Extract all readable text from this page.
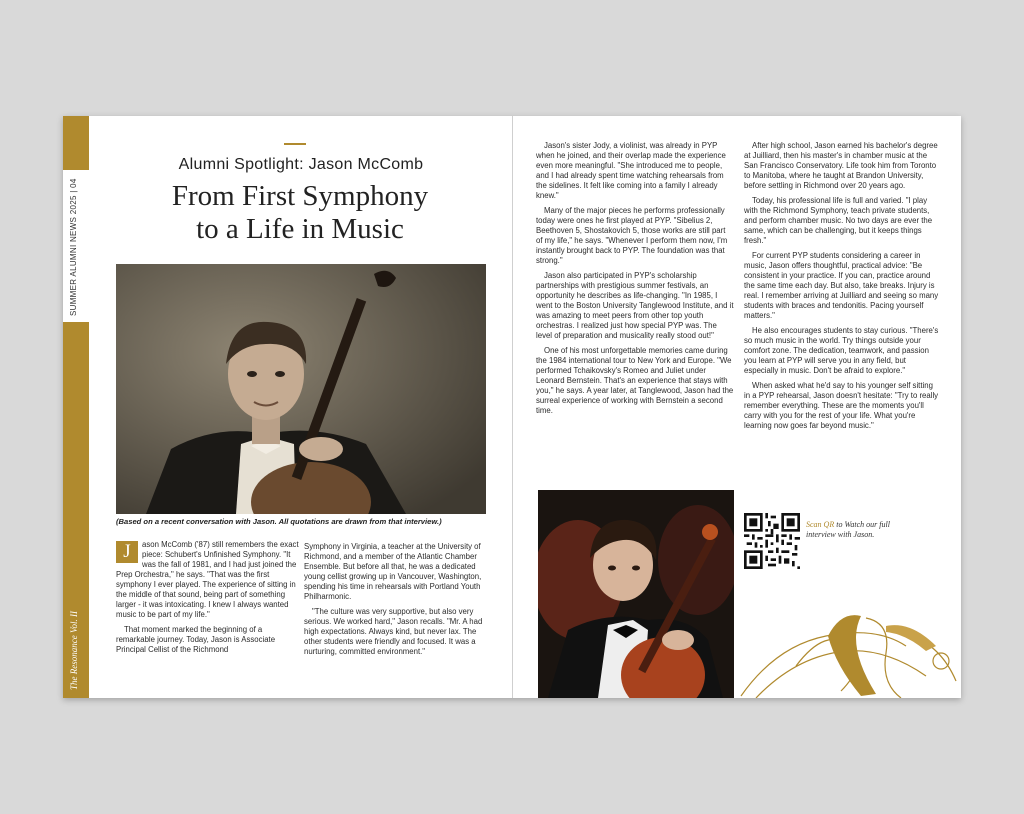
SUMMER ALUMNI NEWS 2025 | 04
The Resonance Vol. II
Alumni Spotlight: Jason McComb
From First Symphony
to a Life in Music
(Based on a recent conversation with Jason. All quotations are drawn from that interview.)

J	ason McComb ('87) still remembers the exact piece: Schubert's Unfinished Symphony. "It was the fall of 1981, and I had just joined the Prep Orchestra," he says. "That was the first symphony I ever played. The experience of sitting in the middle of that sound, being part of something larger - it was intoxicating. I knew I always wanted music to be part of my life."

That moment marked the beginning of a remarkable journey. Today, Jason is Associate Principal Cellist of the Richmond

Symphony in Virginia, a teacher at the University of Richmond, and a member of the Atlantic Chamber Ensemble. But before all that, he was a dedicated young cellist growing up in Vancouver, Washington, spending his time in rehearsals with Portland Youth Philharmonic.

"The culture was very supportive, but also very serious. We worked hard," Jason recalls. "Mr. A had high expectations. Always kind, but never lax. The other students were friendly and focused. It was a nurturing, committed environment."

Jason's sister Jody, a violinist, was already in PYP when he joined, and their overlap made the experience even more meaningful. "She introduced me to people, and I had already spent time watching rehearsals from the sidelines. It felt like coming into a family I already knew."

Many of the major pieces he performs professionally today were ones he first played at PYP. "Sibelius 2, Beethoven 5, Shostakovich 5, those works are still part of my life," he says. "Whenever I perform them now, I'm instantly brought back to PYP. The foundation was that strong."

Jason also participated in PYP's scholarship partnerships with prestigious summer festivals, an opportunity he describes as life-changing. "In 1985, I went to the Boston University Tanglewood Institute, and it was amazing to meet peers from other top youth orchestras. I realized just how special PYP was. The level of preparation and musicality really stood out!"

One of his most unforgettable memories came during the 1984 international tour to New York and Europe. "We performed Tchaikovsky's Romeo and Juliet under Leonard Bernstein. That's an experience that stays with you," he says. A year later, at Tanglewood, Jason had the surreal experience of working with Bernstein a second time.

After high school, Jason earned his bachelor's degree at Juilliard, then his master's in chamber music at the San Francisco Conservatory. Life took him from Toronto to Manitoba, where he taught at Brandon University, before settling in Richmond over 20 years ago.

Today, his professional life is full and varied. "I play with the Richmond Symphony, teach private students, and perform chamber music. No two days are ever the same, which can be challenging, but it keeps things fresh."

For current PYP students considering a career in music, Jason offers thoughtful, practical advice: "Be consistent in your practice. If you can, practice around the same time each day. But also, take breaks. Injury is real. I remember arriving at Juilliard and seeing so many students with braces and tendonitis. Pacing yourself matters."

He also encourages students to stay curious. "There's so much music in the world. Try things outside your comfort zone. The dedication, teamwork, and passion you learn at PYP will serve you in any field, but especially in music. Don't be afraid to explore."

When asked what he'd say to his younger self sitting in a PYP rehearsal, Jason doesn't hesitate: "Try to really remember everything. These are the moments you'll carry with you for the rest of your life. What you're learning now goes far beyond music."

Scan QR to Watch our full interview with Jason.
